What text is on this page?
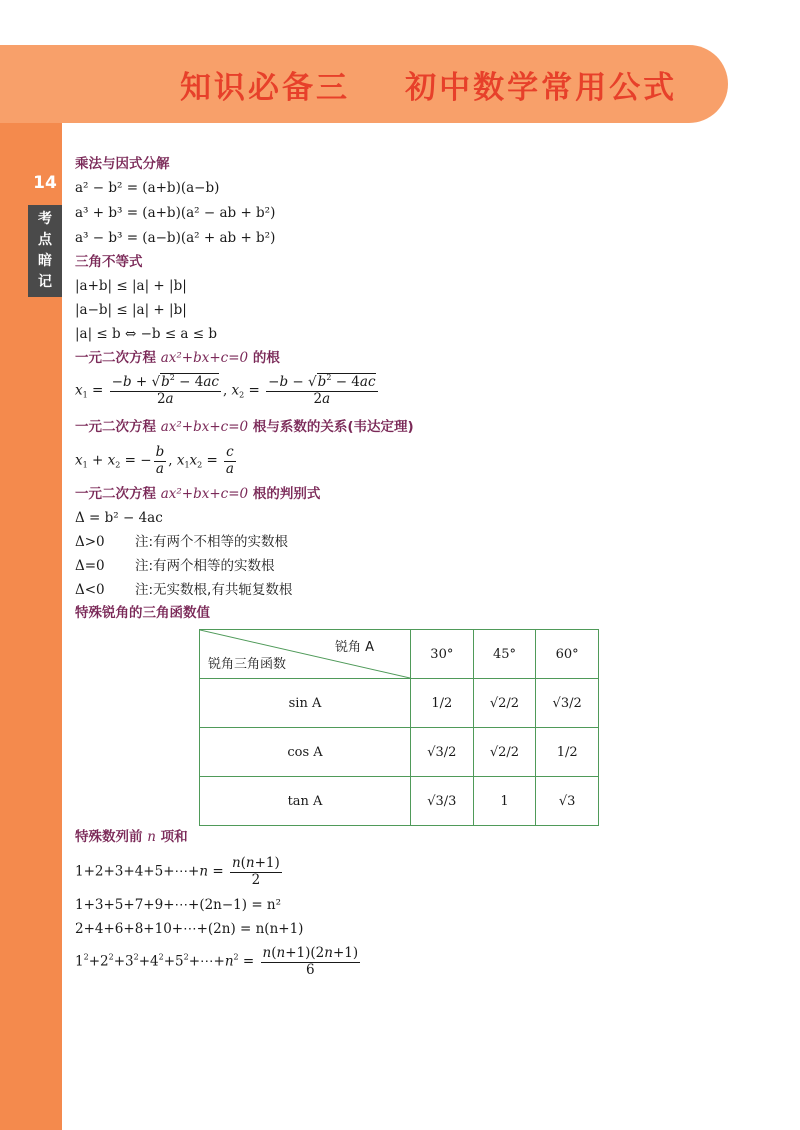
知识必备三    初中数学常用公式
14
考
点
暗
记
乘法与因式分解
a² − b² = (a+b)(a−b)
a³ + b³ = (a+b)(a² − ab + b²)
a³ − b³ = (a−b)(a² + ab + b²)
三角不等式
|a+b| ≤ |a| + |b|
|a−b| ≤ |a| + |b|
|a| ≤ b ⇔ −b ≤ a ≤ b
一元二次方程 ax²+bx+c=0 的根
$x_1 = \frac{-b + √b^2 - 4ac}{2a}$ , $x_2 = \frac{-b - √b^2 - 4ac}{2a}$
一元二次方程 ax²+bx+c=0 根与系数的关系(韦达定理)
$x_1 + x_2$ = − $\frac{b}{a}$ , $x_1x_2 = \frac{c}{a}$
一元二次方程 ax²+bx+c=0 根的判别式
Δ = b² − 4ac
Δ>0 注:有两个不相等的实数根
Δ=0 注:有两个相等的实数根
Δ<0 注:无实数根,有共轭复数根
特殊锐角的三角函数值
锐角 A
锐角三角函数	30°	45°	60°
sin A	1/2	√2/2	√3/2
cos A	√3/2	√2/2	1/2
tan A	√3/3	1	√3
特殊数列前 n 项和
1+2+3+4+5+⋯+n = $\frac{n(n+1)}{2}$
1+3+5+7+9+⋯+(2n−1) = n²
2+4+6+8+10+⋯+(2n) = n(n+1)
$1^2+2^2+3^2+4^2+5^2+\cdots+n^2 = \frac{n(n+1)(2n+1)}{6}$
